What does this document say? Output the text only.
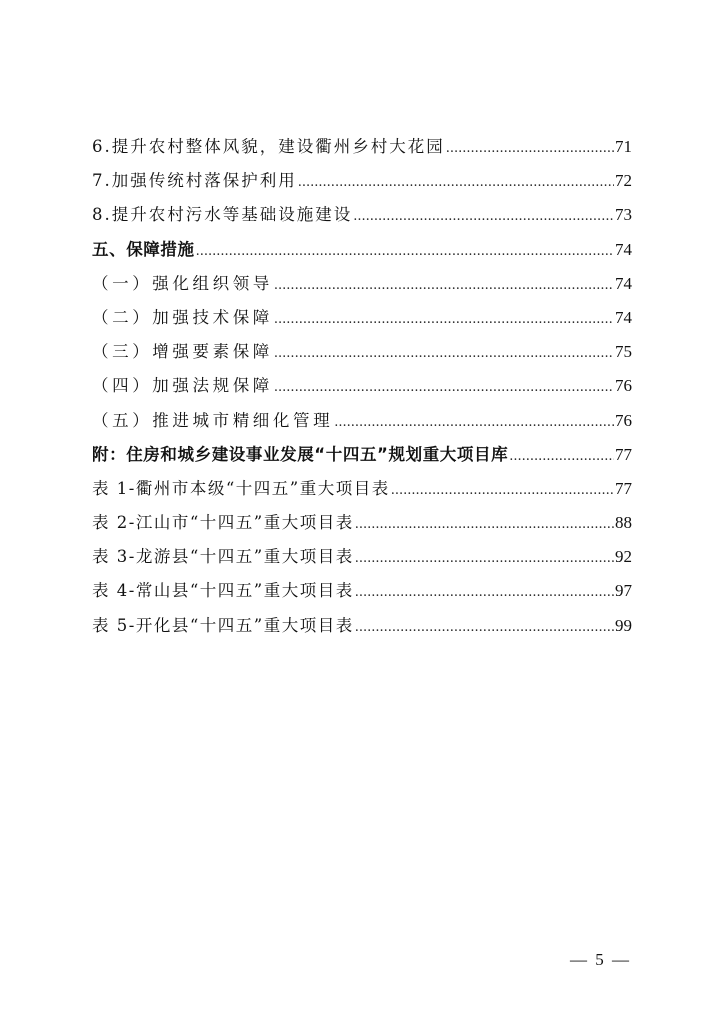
6.提升农村整体风貌，建设衢州乡村大花园 .....	71
7.加强传统村落保护利用 .....	72
8.提升农村污水等基础设施建设 .....	73
五、保障措施 .....	74
（一）强化组织领导 .....	74
（二）加强技术保障 .....	74
（三）增强要素保障 .....	75
（四）加强法规保障 .....	76
（五）推进城市精细化管理 .....	76
附：住房和城乡建设事业发展“十四五”规划重大项目库 .....	77
表 1-衢州市本级“十四五”重大项目表 .....	77
表 2-江山市“十四五”重大项目表 .....	88
表 3-龙游县“十四五”重大项目表 .....	92
表 4-常山县“十四五”重大项目表 .....	97
表 5-开化县“十四五”重大项目表 .....	99
— 5 —
